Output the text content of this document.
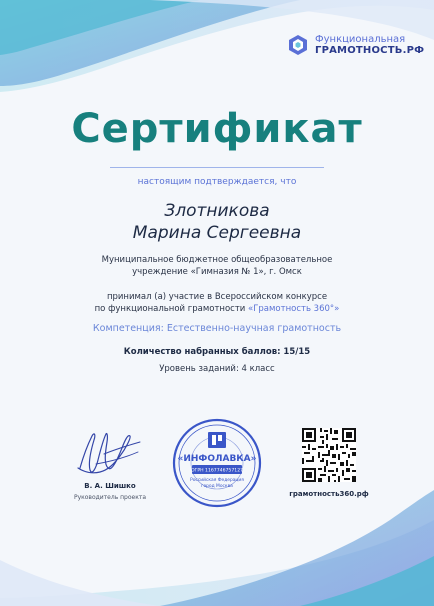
Функциональная
ГРАМОТНОСТЬ.РФ
Сертификат
настоящим подтверждается, что
Злотникова
Марина Сергеевна
Муниципальное бюджетное общеобразовательное
учреждение «Гимназия № 1», г. Омск
принимал (а) участие в Всероссийском конкурсе
по функциональной грамотности «Грамотность 360°»
Компетенция: Естественно-научная грамотность
Количество набранных баллов: 15/15
Уровень заданий: 4 класс
В. А. Шишко
Руководитель проекта
«ИНФОЛАВКА»
ОГРН 1167746757127
Российская Федерация
город Москва
грамотность360.рф
